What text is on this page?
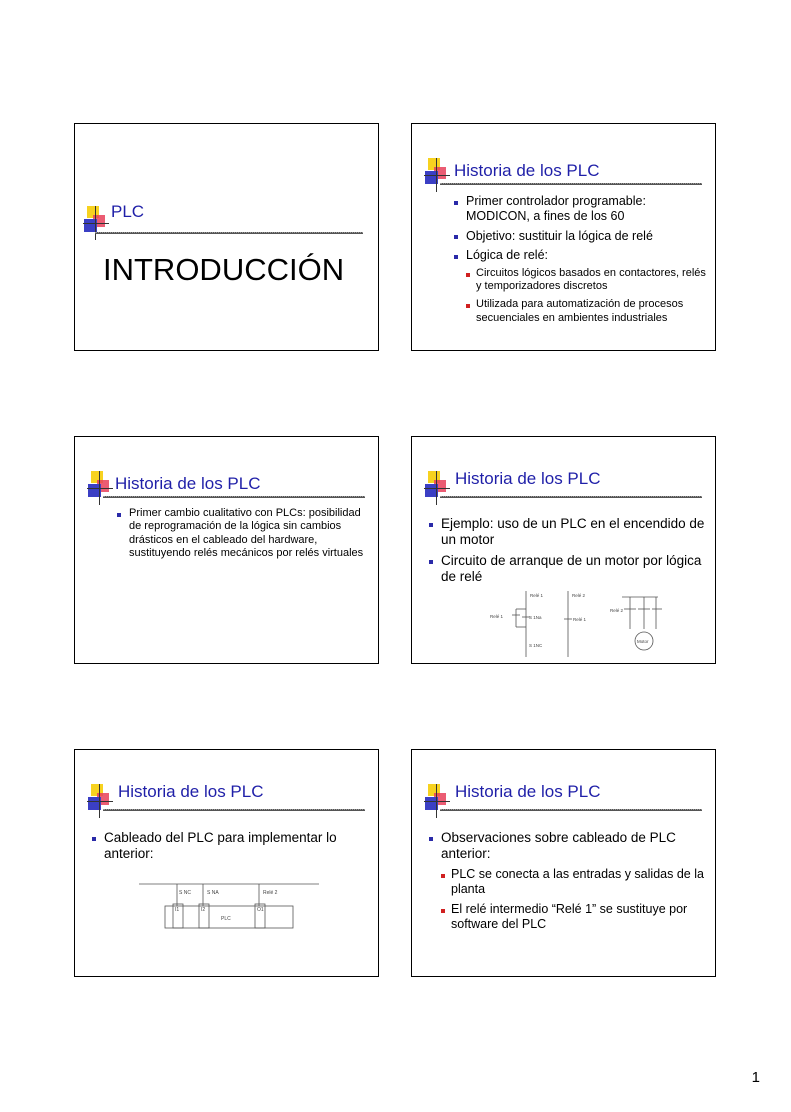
PLC
INTRODUCCIÓN
Historia de los PLC
Primer controlador programable: MODICON, a fines de los 60
Objetivo: sustituir la lógica de relé
Lógica de relé:
Circuitos lógicos basados en contactores, relés y temporizadores discretos
Utilizada para automatización de procesos secuenciales en ambientes industriales
Historia de los PLC
Primer cambio cualitativo con PLCs: posibilidad de reprogramación de la lógica sin cambios drásticos en el cableado del hardware, sustituyendo relés mecánicos por relés virtuales
Historia de los PLC
Ejemplo: uso de un PLC en el encendido de un motor
Circuito de arranque de un motor por lógica de relé
Relé 1	Relé 2
Relé 1	S 1Na
S 1NC
Relé 1
Relé 2
Motor
Historia de los PLC
Cableado del PLC para implementar lo anterior:
S NC	S NA	Relé 2
I1	I2	O1
PLC
Historia de los PLC
Observaciones sobre cableado de PLC anterior:
PLC se conecta a las entradas y salidas de la planta
El relé intermedio “Relé 1” se sustituye por software del PLC
1
